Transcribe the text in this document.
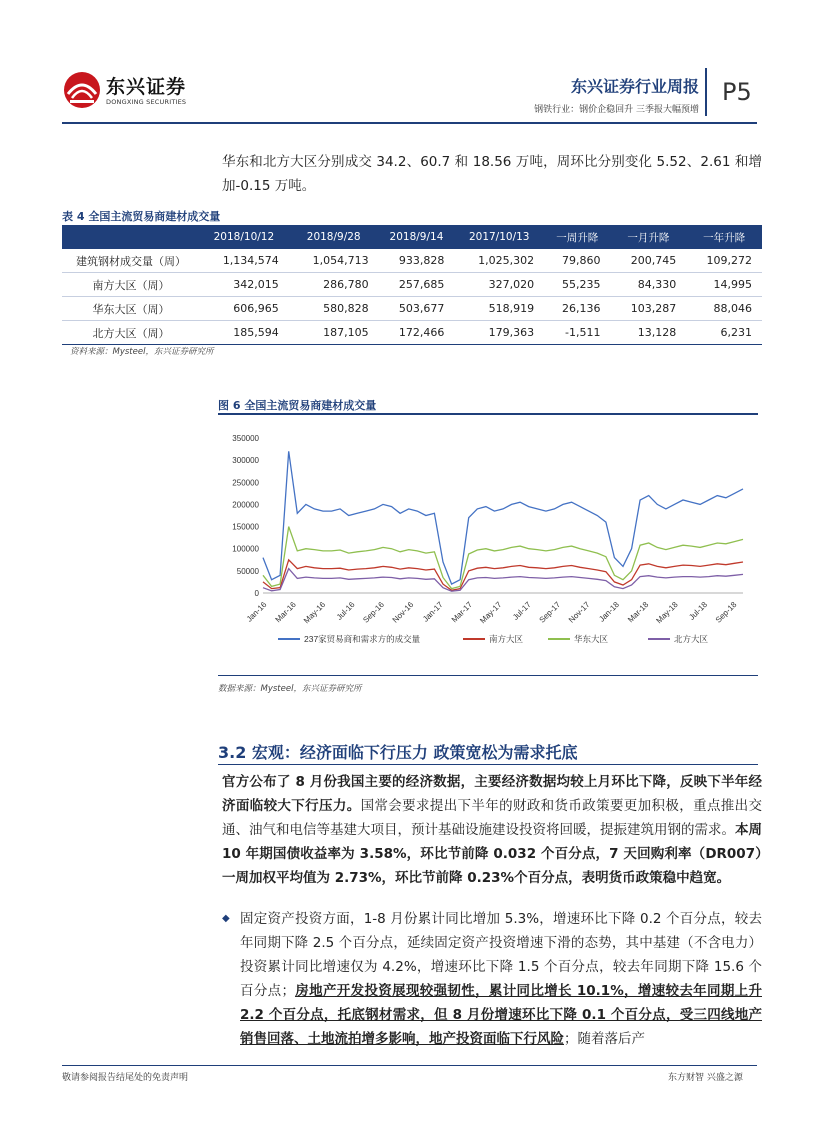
东兴证券
DONGXING SECURITIES
东兴证券行业周报
钢铁行业：钢价企稳回升 三季报大幅预增
P5
华东和北方大区分别成交 34.2、60.7 和 18.56 万吨，周环比分别变化 5.52、2.61 和增加-0.15 万吨。
表 4 全国主流贸易商建材成交量
	2018/10/12	2018/9/28	2018/9/14	2017/10/13	一周升降	一月升降	一年升降
建筑钢材成交量（周）	1,134,574	1,054,713	933,828	1,025,302	79,860	200,745	109,272
南方大区（周）	342,015	286,780	257,685	327,020	55,235	84,330	14,995
华东大区（周）	606,965	580,828	503,677	518,919	26,136	103,287	88,046
北方大区（周）	185,594	187,105	172,466	179,363	-1,511	13,128	6,231
资料来源：Mysteel，东兴证券研究所
图 6 全国主流贸易商建材成交量
0
50000
100000
150000
200000
250000
300000
350000
Jan-16 Mar-16 May-16 Jul-16 Sep-16 Nov-16 Jan-17 Mar-17 May-17 Jul-17 Sep-17 Nov-17 Jan-18 Mar-18 May-18 Jul-18 Sep-18
237家贸易商和需求方的成交量	南方大区	华东大区	北方大区
数据来源：Mysteel，东兴证券研究所
3.2 宏观：经济面临下行压力 政策宽松为需求托底
官方公布了 8 月份我国主要的经济数据，主要经济数据均较上月环比下降，反映下半年经济面临较大下行压力。国常会要求提出下半年的财政和货币政策要更加积极，重点推出交通、油气和电信等基建大项目，预计基础设施建设投资将回暖，提振建筑用钢的需求。本周 10 年期国债收益率为 3.58%，环比节前降 0.032 个百分点，7 天回购利率（DR007）一周加权平均值为 2.73%，环比节前降 0.23%个百分点，表明货币政策稳中趋宽。
◆ 固定资产投资方面，1-8 月份累计同比增加 5.3%，增速环比下降 0.2 个百分点，较去年同期下降 2.5 个百分点，延续固定资产投资增速下滑的态势，其中基建（不含电力）投资累计同比增速仅为 4.2%，增速环比下降 1.5 个百分点，较去年同期下降 15.6 个百分点；房地产开发投资展现较强韧性，累计同比增长 10.1%，增速较去年同期上升 2.2 个百分点，托底钢材需求，但 8 月份增速环比下降 0.1 个百分点，受三四线地产销售回落、土地流拍增多影响，地产投资面临下行风险；随着落后产
敬请参阅报告结尾处的免责声明	东方财智 兴盛之源
